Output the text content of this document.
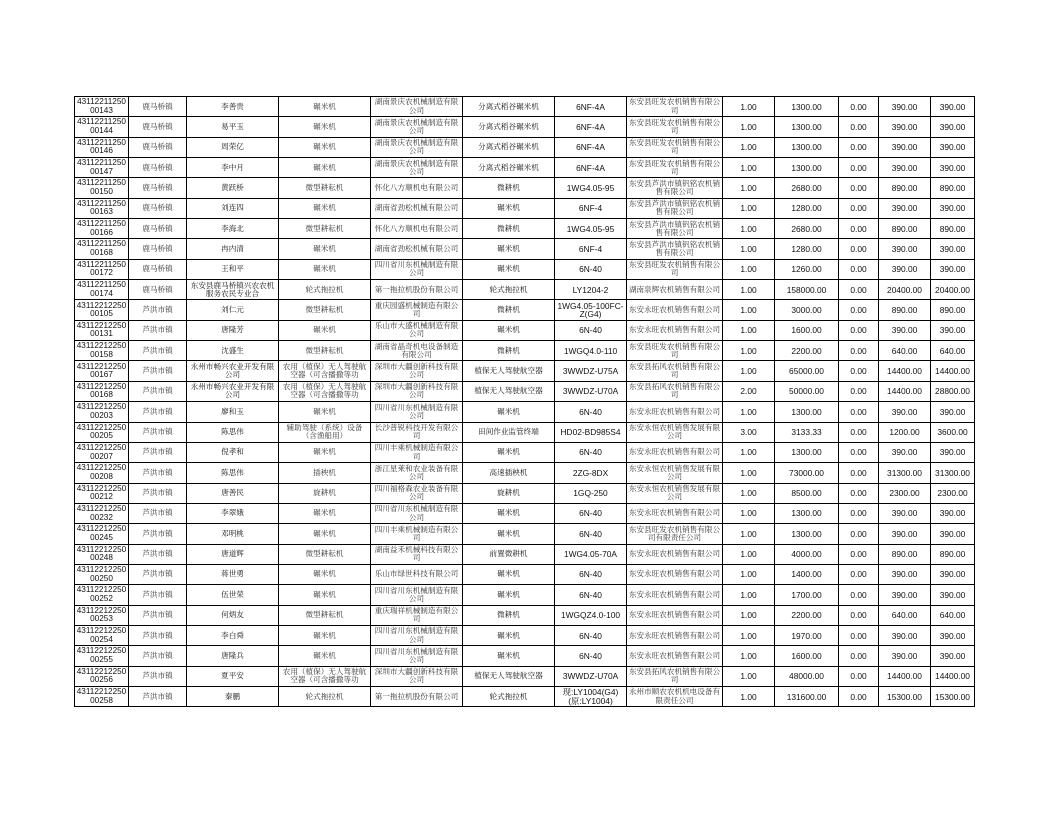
4311221125000143	鹿马桥镇	李善贵	碾米机	湖南景庆农机械制造有限公司	分离式稻谷碾米机	6NF-4A	东安县旺发农机销售有限公司	1.00	1300.00	0.00	390.00	390.00
4311221125000144	鹿马桥镇	易平玉	碾米机	湖南景庆农机械制造有限公司	分离式稻谷碾米机	6NF-4A	东安县旺发农机销售有限公司	1.00	1300.00	0.00	390.00	390.00
4311221125000146	鹿马桥镇	周荣亿	碾米机	湖南景庆农机械制造有限公司	分离式稻谷碾米机	6NF-4A	东安县旺发农机销售有限公司	1.00	1300.00	0.00	390.00	390.00
4311221125000147	鹿马桥镇	李中月	碾米机	湖南景庆农机械制造有限公司	分离式稻谷碾米机	6NF-4A	东安县旺发农机销售有限公司	1.00	1300.00	0.00	390.00	390.00
4311221125000150	鹿马桥镇	黄跃桥	微型耕耘机	怀化八方顺机电有限公司	微耕机	1WG4.05-95	东安县芦洪市镇钒铭农机销售有限公司	1.00	2680.00	0.00	890.00	890.00
4311221125000163	鹿马桥镇	刘连四	碾米机	湖南省劲松机械有限公司	碾米机	6NF-4	东安县芦洪市镇钒铭农机销售有限公司	1.00	1280.00	0.00	390.00	390.00
4311221125000166	鹿马桥镇	李海北	微型耕耘机	怀化八方顺机电有限公司	微耕机	1WG4.05-95	东安县芦洪市镇钒铭农机销售有限公司	1.00	2680.00	0.00	890.00	890.00
4311221125000168	鹿马桥镇	冉内清	碾米机	湖南省劲松机械有限公司	碾米机	6NF-4	东安县芦洪市镇钒铭农机销售有限公司	1.00	1280.00	0.00	390.00	390.00
4311221125000172	鹿马桥镇	王和平	碾米机	四川省川东机械制造有限公司	碾米机	6N-40	东安县旺发农机销售有限公司	1.00	1260.00	0.00	390.00	390.00
4311221125000174	鹿马桥镇	东安县鹿马桥镇兴农农机服务农民专业合	轮式拖拉机	第一拖拉机股份有限公司	轮式拖拉机	LY1204-2	湖南泉辉农机销售有限公司	1.00	158000.00	0.00	20400.00	20400.00
4311221225000105	芦洪市镇	刘仁元	微型耕耘机	重庆园盛机械制造有限公司	微耕机	1WG4.05-100FC-Z(G4)	东安永旺农机销售有限公司	1.00	3000.00	0.00	890.00	890.00
4311221225000131	芦洪市镇	唐隆芳	碾米机	乐山市大盛机械制造有限公司	碾米机	6N-40	东安永旺农机销售有限公司	1.00	1600.00	0.00	390.00	390.00
4311221225000158	芦洪市镇	沈盛生	微型耕耘机	湖南省晶奇机电设备制造有限公司	微耕机	1WGQ4.0-110	东安县旺发农机销售有限公司	1.00	2200.00	0.00	640.00	640.00
4311221225000167	芦洪市镇	永州市畅兴农业开发有限公司	农用（植保）无人驾驶航空器（可含播撒等功	深圳市大疆创新科技有限公司	植保无人驾驶航空器	3WWDZ-U75A	东安县拓风农机销售有限公司	1.00	65000.00	0.00	14400.00	14400.00
4311221225000168	芦洪市镇	永州市畅兴农业开发有限公司	农用（植保）无人驾驶航空器（可含播撒等功	深圳市大疆创新科技有限公司	植保无人驾驶航空器	3WWDZ-U70A	东安县拓风农机销售有限公司	2.00	50000.00	0.00	14400.00	28800.00
4311221225000203	芦洪市镇	廖和玉	碾米机	四川省川东机械制造有限公司	碾米机	6N-40	东安永旺农机销售有限公司	1.00	1300.00	0.00	390.00	390.00
4311221225000205	芦洪市镇	陈思伟	辅助驾驶（系统）设备（含渔船用）	长沙普锐科技开发有限公司	田间作业监管终端	HD02-BD985S4	东安永恒农机销售发展有限公司	3.00	3133.33	0.00	1200.00	3600.00
4311221225000207	芦洪市镇	倪孝和	碾米机	四川丰乘机械制造有限公司	碾米机	6N-40	东安永旺农机销售有限公司	1.00	1300.00	0.00	390.00	390.00
4311221225000208	芦洪市镇	陈思伟	插秧机	浙江星莱和农业装备有限公司	高速插秧机	2ZG-8DX	东安永恒农机销售发展有限公司	1.00	73000.00	0.00	31300.00	31300.00
4311221225000212	芦洪市镇	唐善民	旋耕机	四川福格森农业装备有限公司	旋耕机	1GQ-250	东安永恒农机销售发展有限公司	1.00	8500.00	0.00	2300.00	2300.00
4311221225000232	芦洪市镇	李翠娥	碾米机	四川省川东机械制造有限公司	碾米机	6N-40	东安永旺农机销售有限公司	1.00	1300.00	0.00	390.00	390.00
4311221225000245	芦洪市镇	邓明桃	碾米机	四川丰乘机械制造有限公司	碾米机	6N-40	东安县旺发农机销售有限公司有限责任公司	1.00	1300.00	0.00	390.00	390.00
4311221225000248	芦洪市镇	唐道辉	微型耕耘机	湖南益禾机械科技有限公司	前置微耕机	1WG4.05-70A	东安永旺农机销售有限公司	1.00	4000.00	0.00	890.00	890.00
4311221225000250	芦洪市镇	蒋世勇	碾米机	乐山市绿世科技有限公司	碾米机	6N-40	东安永旺农机销售有限公司	1.00	1400.00	0.00	390.00	390.00
4311221225000252	芦洪市镇	伍世荣	碾米机	四川省川东机械制造有限公司	碾米机	6N-40	东安永旺农机销售有限公司	1.00	1700.00	0.00	390.00	390.00
4311221225000253	芦洪市镇	何炳友	微型耕耘机	重庆瑞祥机械制造有限公司	微耕机	1WGQZ4.0-100	东安永旺农机销售有限公司	1.00	2200.00	0.00	640.00	640.00
4311221225000254	芦洪市镇	李白舜	碾米机	四川省川东机械制造有限公司	碾米机	6N-40	东安永旺农机销售有限公司	1.00	1970.00	0.00	390.00	390.00
4311221225000255	芦洪市镇	唐隆兵	碾米机	四川省川东机械制造有限公司	碾米机	6N-40	东安永旺农机销售有限公司	1.00	1600.00	0.00	390.00	390.00
4311221225000256	芦洪市镇	夏平安	农用（植保）无人驾驶航空器（可含播撒等功	深圳市大疆创新科技有限公司	植保无人驾驶航空器	3WWDZ-U70A	东安县拓风农机销售有限公司	1.00	48000.00	0.00	14400.00	14400.00
4311221225000258	芦洪市镇	秦鹏	轮式拖拉机	第一拖拉机股份有限公司	轮式拖拉机	现:LY1004(G4)(原:LY1004)	永州市顺农农机机电设备有限责任公司	1.00	131600.00	0.00	15300.00	15300.00
